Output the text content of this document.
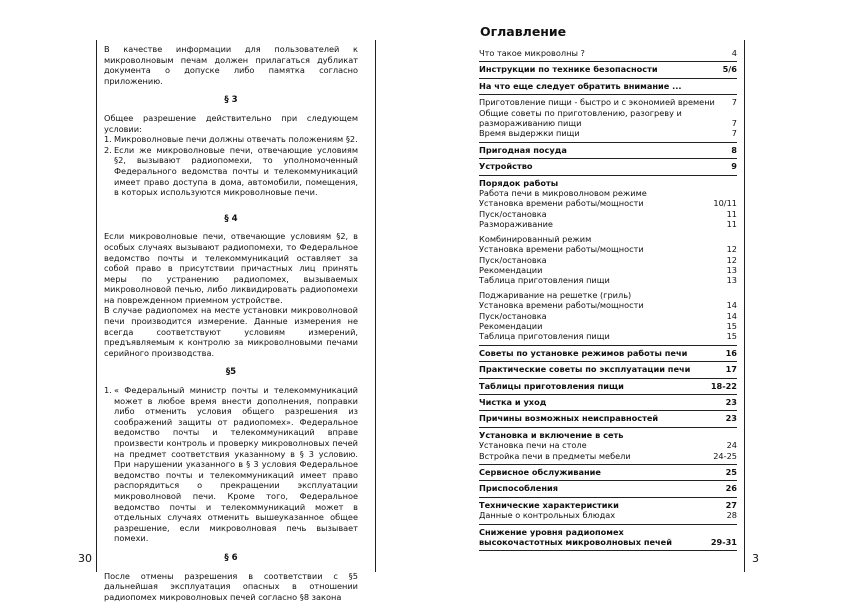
30	3

В качестве информации для пользователей к микроволновым печам должен прилагаться дубликат документа о допуске либо памятка согласно приложению.

§ 3

Общее разрешение действительно при следующем условии:

1. Микроволновые печи должны отвечать положениям §2.
2. Если же микроволновые печи, отвечающие условиям §2, вызывают радиопомехи, то уполномоченный Федерального ведомства почты и телекоммуникаций имеет право доступа в дома, автомобили, помещения, в которых используются микроволновые печи.
§ 4

Если микроволновые печи, отвечающие условиям §2, в особых случаях вызывают радиопомехи, то Федеральное ведомство почты и телекоммуникаций оставляет за собой право в присутствии причастных лиц принять меры по устранению радиопомех, вызываемых микроволновой печью, либо ликвидировать радиопомехи на поврежденном приемном устройстве.

В случае радиопомех на месте установки микроволновой печи производится измерение. Данные измерения не всегда соответствуют условиям измерений, предъявляемым к контролю за микроволновыми печами серийного производства.

§5
1. « Федеральный министр почты и телекоммуникаций может в любое время внести дополнения, поправки либо отменить условия общего разрешения из соображений защиты от радиопомех». Федеральное ведомство почты и телекоммуникаций вправе произвести контроль и проверку микроволновых печей на предмет соответствия указанному в § 3 условию. При нарушении указанного в § 3 условия Федеральное ведомство почты и телекоммуникаций имеет право распорядиться о прекращении эксплуатации микроволновой печи. Кроме того, Федеральное ведомство почты и телекоммуникаций может в отдельных случаях отменить вышеуказанное общее разрешение, если микроволновая печь вызывает помехи.
§ 6

После отмены разрешения в соответствии с §5 дальнейшая эксплуатация опасных в отношении радиопомех микроволновых печей согласно §8 закона

Оглавление
Что такое микроволны ?	4
Инструкции по технике безопасности	5/6
На что еще следует обратить внимание ...
Приготовление пищи - быстро и с экономией времени	7
Общие советы по приготовлению, разогреву и размораживанию пищи	7
Время выдержки пищи	7
Пригодная посуда	8
Устройство	9
Порядок работы
Работа печи в микроволновом режиме
Установка времени работы/мощности	10/11
Пуск/остановка	11
Размораживание	11
Комбинированный режим
Установка времени работы/мощности	12
Пуск/остановка	12
Рекомендации	13
Таблица приготовления пищи	13
Поджаривание на решетке (гриль)
Установка времени работы/мощности	14
Пуск/остановка	14
Рекомендации	15
Таблица приготовления пищи	15
Советы по установке режимов работы печи	16
Практические советы по эксплуатации печи	17
Таблицы приготовления пищи	18-22
Чистка и уход	23
Причины возможных неисправностей	23
Установка и включение в сеть
Установка печи на столе	24
Встройка печи в предметы мебели	24-25
Сервисное обслуживание	25
Приспособления	26
Технические характеристики	27
Данные о контрольных блюдах	28
Снижение уровня радиопомех высокочастотных микроволновых печей	29-31
